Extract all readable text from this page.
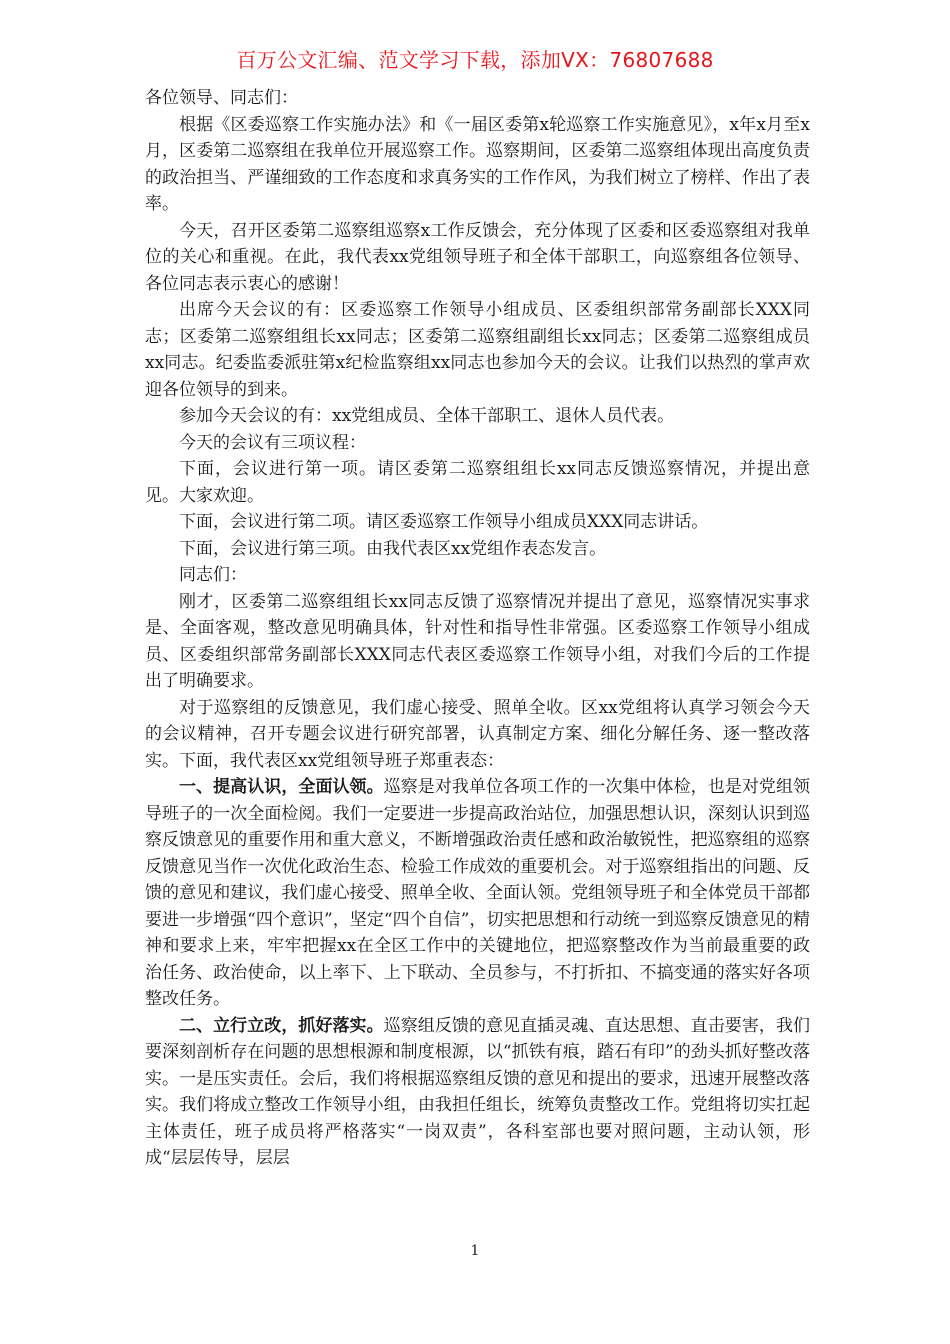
百万公文汇编、范文学习下载，添加VX：76807688

各位领导、同志们：

根据《区委巡察工作实施办法》和《一届区委第x轮巡察工作实施意见》，x年x月至x月，区委第二巡察组在我单位开展巡察工作。巡察期间，区委第二巡察组体现出高度负责的政治担当、严谨细致的工作态度和求真务实的工作作风，为我们树立了榜样、作出了表率。

今天，召开区委第二巡察组巡察x工作反馈会，充分体现了区委和区委巡察组对我单位的关心和重视。在此，我代表xx党组领导班子和全体干部职工，向巡察组各位领导、各位同志表示衷心的感谢！

出席今天会议的有：区委巡察工作领导小组成员、区委组织部常务副部长XXX同志；区委第二巡察组组长xx同志；区委第二巡察组副组长xx同志；区委第二巡察组成员xx同志。纪委监委派驻第x纪检监察组xx同志也参加今天的会议。让我们以热烈的掌声欢迎各位领导的到来。

参加今天会议的有：xx党组成员、全体干部职工、退休人员代表。

今天的会议有三项议程：

下面，会议进行第一项。请区委第二巡察组组长xx同志反馈巡察情况，并提出意见。大家欢迎。

下面，会议进行第二项。请区委巡察工作领导小组成员XXX同志讲话。

下面，会议进行第三项。由我代表区xx党组作表态发言。

同志们：

刚才，区委第二巡察组组长xx同志反馈了巡察情况并提出了意见，巡察情况实事求是、全面客观，整改意见明确具体，针对性和指导性非常强。区委巡察工作领导小组成员、区委组织部常务副部长XXX同志代表区委巡察工作领导小组，对我们今后的工作提出了明确要求。

对于巡察组的反馈意见，我们虚心接受、照单全收。区xx党组将认真学习领会今天的会议精神，召开专题会议进行研究部署，认真制定方案、细化分解任务、逐一整改落实。下面，我代表区xx党组领导班子郑重表态：

一、提高认识，全面认领。巡察是对我单位各项工作的一次集中体检，也是对党组领导班子的一次全面检阅。我们一定要进一步提高政治站位，加强思想认识，深刻认识到巡察反馈意见的重要作用和重大意义，不断增强政治责任感和政治敏锐性，把巡察组的巡察反馈意见当作一次优化政治生态、检验工作成效的重要机会。对于巡察组指出的问题、反馈的意见和建议，我们虚心接受、照单全收、全面认领。党组领导班子和全体党员干部都要进一步增强“四个意识”，坚定“四个自信”，切实把思想和行动统一到巡察反馈意见的精神和要求上来，牢牢把握xx在全区工作中的关键地位，把巡察整改作为当前最重要的政治任务、政治使命，以上率下、上下联动、全员参与，不打折扣、不搞变通的落实好各项整改任务。

二、立行立改，抓好落实。巡察组反馈的意见直插灵魂、直达思想、直击要害，我们要深刻剖析存在问题的思想根源和制度根源，以“抓铁有痕，踏石有印”的劲头抓好整改落实。一是压实责任。会后，我们将根据巡察组反馈的意见和提出的要求，迅速开展整改落实。我们将成立整改工作领导小组，由我担任组长，统筹负责整改工作。党组将切实扛起主体责任，班子成员将严格落实“一岗双责”，各科室部也要对照问题，主动认领，形成“层层传导，层层

1
